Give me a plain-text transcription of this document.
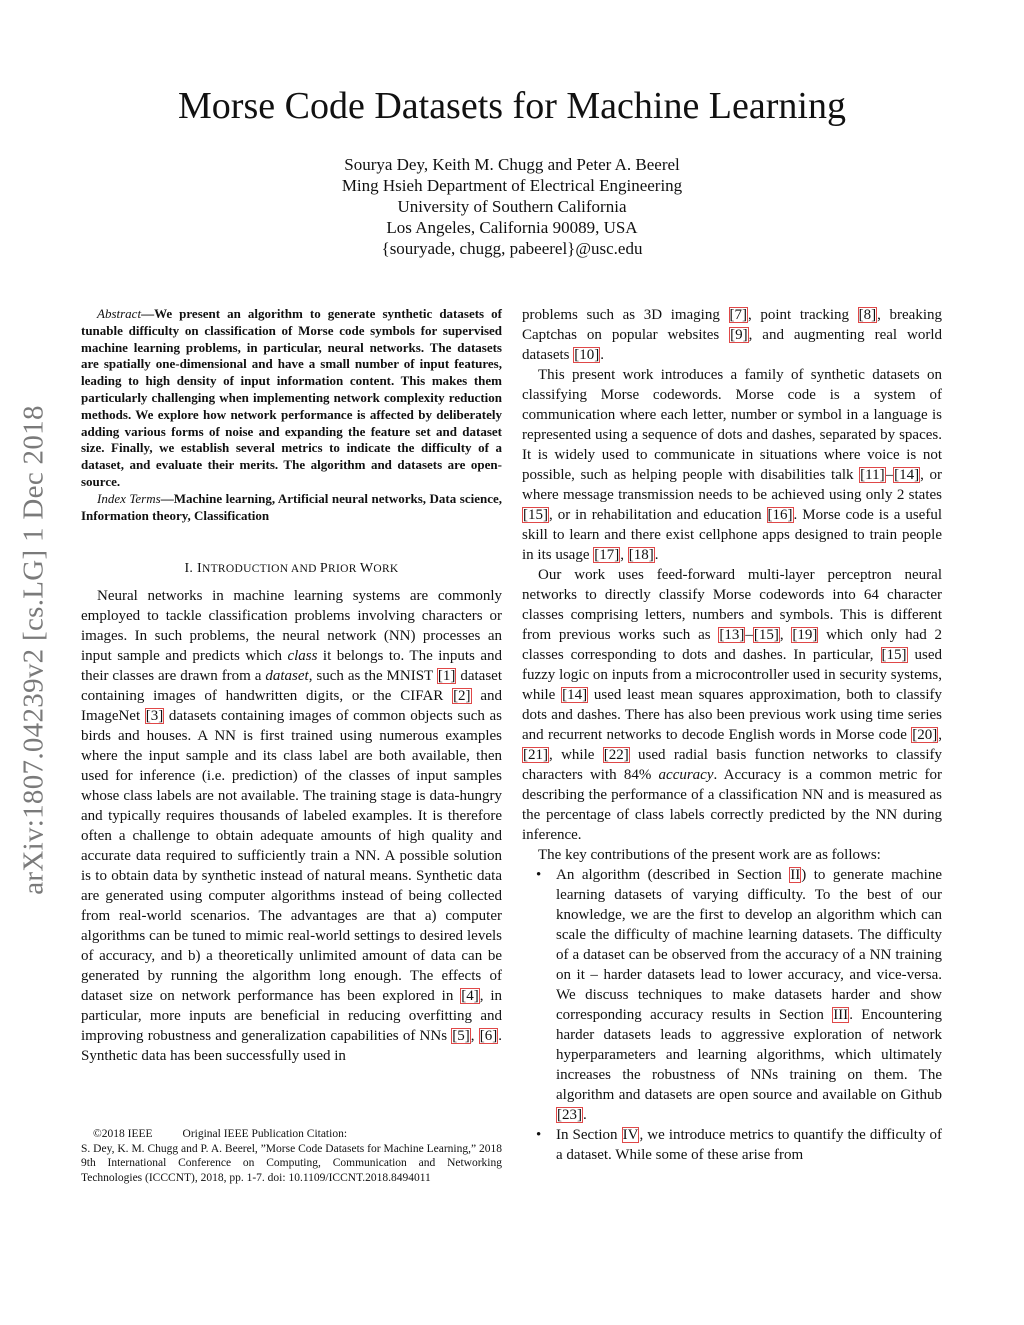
arXiv:1807.04239v2 [cs.LG] 1 Dec 2018
Morse Code Datasets for Machine Learning
Sourya Dey, Keith M. Chugg and Peter A. Beerel
Ming Hsieh Department of Electrical Engineering
University of Southern California
Los Angeles, California 90089, USA
{souryade, chugg, pabeerel}@usc.edu

Abstract—We present an algorithm to generate synthetic datasets of tunable difficulty on classification of Morse code symbols for supervised machine learning problems, in particular, neural networks. The datasets are spatially one-dimensional and have a small number of input features, leading to high density of input information content. This makes them particularly challenging when implementing network complexity reduction methods. We explore how network performance is affected by deliberately adding various forms of noise and expanding the feature set and dataset size. Finally, we establish several metrics to indicate the difficulty of a dataset, and evaluate their merits. The algorithm and datasets are open-source.

Index Terms—Machine learning, Artificial neural networks, Data science, Information theory, Classification

I. INTRODUCTION AND PRIOR WORK

Neural networks in machine learning systems are commonly employed to tackle classification problems involving characters or images. In such problems, the neural network (NN) processes an input sample and predicts which class it belongs to. The inputs and their classes are drawn from a dataset, such as the MNIST [1] dataset containing images of handwritten digits, or the CIFAR [2] and ImageNet [3] datasets containing images of common objects such as birds and houses. A NN is first trained using numerous examples where the input sample and its class label are both available, then used for inference (i.e. prediction) of the classes of input samples whose class labels are not available. The training stage is data-hungry and typically requires thousands of labeled examples. It is therefore often a challenge to obtain adequate amounts of high quality and accurate data required to sufficiently train a NN. A possible solution is to obtain data by synthetic instead of natural means. Synthetic data are generated using computer algorithms instead of being collected from real-world scenarios. The advantages are that a) computer algorithms can be tuned to mimic real-world settings to desired levels of accuracy, and b) a theoretically unlimited amount of data can be generated by running the algorithm long enough. The effects of dataset size on network performance has been explored in [4], in particular, more inputs are beneficial in reducing overfitting and improving robustness and generalization capabilities of NNs [5], [6]. Synthetic data has been successfully used in

©2018 IEEE	Original IEEE Publication Citation:
S. Dey, K. M. Chugg and P. A. Beerel, ”Morse Code Datasets for Machine Learning,” 2018 9th International Conference on Computing, Communication and Networking Technologies (ICCCNT), 2018, pp. 1-7. doi: 10.1109/ICCNT.2018.8494011

problems such as 3D imaging [7], point tracking [8], breaking Captchas on popular websites [9], and augmenting real world datasets [10].

This present work introduces a family of synthetic datasets on classifying Morse codewords. Morse code is a system of communication where each letter, number or symbol in a language is represented using a sequence of dots and dashes, separated by spaces. It is widely used to communicate in situations where voice is not possible, such as helping people with disabilities talk [11]–[14], or where message transmission needs to be achieved using only 2 states [15], or in rehabilitation and education [16]. Morse code is a useful skill to learn and there exist cellphone apps designed to train people in its usage [17], [18].

Our work uses feed-forward multi-layer perceptron neural networks to directly classify Morse codewords into 64 character classes comprising letters, numbers and symbols. This is different from previous works such as [13]–[15], [19] which only had 2 classes corresponding to dots and dashes. In particular, [15] used fuzzy logic on inputs from a microcontroller used in security systems, while [14] used least mean squares approximation, both to classify dots and dashes. There has also been previous work using time series and recurrent networks to decode English words in Morse code [20], [21], while [22] used radial basis function networks to classify characters with 84% accuracy. Accuracy is a common metric for describing the performance of a classification NN and is measured as the percentage of class labels correctly predicted by the NN during inference.

The key contributions of the present work are as follows:

• An algorithm (described in Section II) to generate machine learning datasets of varying difficulty. To the best of our knowledge, we are the first to develop an algorithm which can scale the difficulty of machine learning datasets. The difficulty of a dataset can be observed from the accuracy of a NN training on it – harder datasets lead to lower accuracy, and vice-versa. We discuss techniques to make datasets harder and show corresponding accuracy results in Section III. Encountering harder datasets leads to aggressive exploration of network hyperparameters and learning algorithms, which ultimately increases the robustness of NNs training on them. The algorithm and datasets are open source and available on Github [23].
• In Section IV, we introduce metrics to quantify the difficulty of a dataset. While some of these arise from
